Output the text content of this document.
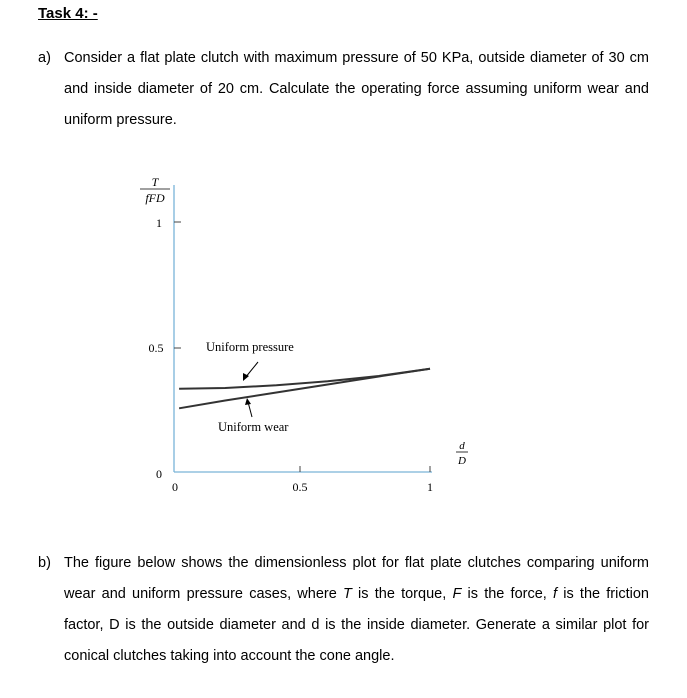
Task 4: -
a) Consider a flat plate clutch with maximum pressure of 50 KPa, outside diameter of 30 cm and inside diameter of 20 cm. Calculate the operating force assuming uniform wear and uniform pressure.
1
0.5
0
0	0.5	1
T
fFD
d
D
Uniform pressure
Uniform wear
b) The figure below shows the dimensionless plot for flat plate clutches comparing uniform wear and uniform pressure cases, where T is the torque, F is the force, f is the friction factor, D is the outside diameter and d is the inside diameter. Generate a similar plot for conical clutches taking into account the cone angle.
